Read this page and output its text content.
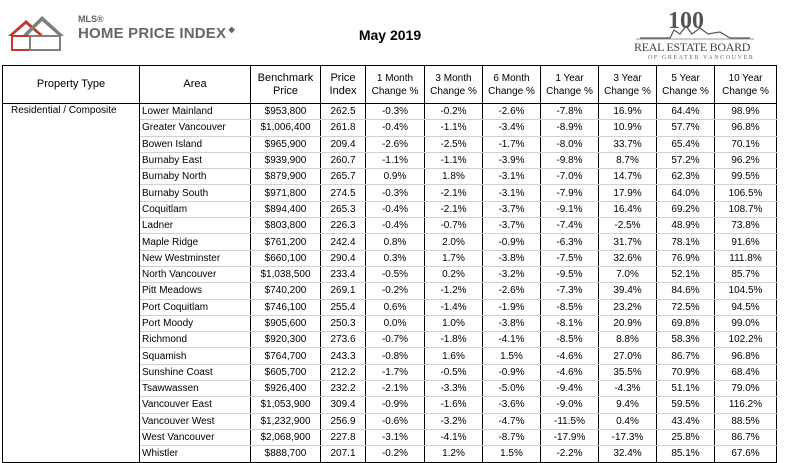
MLS®
HOME PRICE INDEX ◆	May 2019
100
REAL ESTATE BOARD
OF GREATER VANCOUVER
Property Type	Area	Benchmark Price	Price Index	1 Month Change %	3 Month Change %	6 Month Change %	1 Year Change %	3 Year Change %	5 Year Change %	10 Year Change %
Residential / Composite	Lower Mainland	$953,800	262.5	-0.3%	-0.2%	-2.6%	-7.8%	16.9%	64.4%	98.9%
	Greater Vancouver	$1,006,400	261.8	-0.4%	-1.1%	-3.4%	-8.9%	10.9%	57.7%	96.8%
	Bowen Island	$965,900	209.4	-2.6%	-2.5%	-1.7%	-8.0%	33.7%	65.4%	70.1%
	Burnaby East	$939,900	260.7	-1.1%	-1.1%	-3.9%	-9.8%	8.7%	57.2%	96.2%
	Burnaby North	$879,900	265.7	0.9%	1.8%	-3.1%	-7.0%	14.7%	62.3%	99.5%
	Burnaby South	$971,800	274.5	-0.3%	-2.1%	-3.1%	-7.9%	17.9%	64.0%	106.5%
	Coquitlam	$894,400	265.3	-0.4%	-2.1%	-3.7%	-9.1%	16.4%	69.2%	108.7%
	Ladner	$803,800	226.3	-0.4%	-0.7%	-3.7%	-7.4%	-2.5%	48.9%	73.8%
	Maple Ridge	$761,200	242.4	0.8%	2.0%	-0.9%	-6.3%	31.7%	78.1%	91.6%
	New Westminster	$660,100	290.4	0.3%	1.7%	-3.8%	-7.5%	32.6%	76.9%	111.8%
	North Vancouver	$1,038,500	233.4	-0.5%	0.2%	-3.2%	-9.5%	7.0%	52.1%	85.7%
	Pitt Meadows	$740,200	269.1	-0.2%	-1.2%	-2.6%	-7.3%	39.4%	84.6%	104.5%
	Port Coquitlam	$746,100	255.4	0.6%	-1.4%	-1.9%	-8.5%	23.2%	72.5%	94.5%
	Port Moody	$905,600	250.3	0.0%	1.0%	-3.8%	-8.1%	20.9%	69.8%	99.0%
	Richmond	$920,300	273.6	-0.7%	-1.8%	-4.1%	-8.5%	8.8%	58.3%	102.2%
	Squamish	$764,700	243.3	-0.8%	1.6%	1.5%	-4.6%	27.0%	86.7%	96.8%
	Sunshine Coast	$605,700	212.2	-1.7%	-0.5%	-0.9%	-4.6%	35.5%	70.9%	68.4%
	Tsawwassen	$926,400	232.2	-2.1%	-3.3%	-5.0%	-9.4%	-4.3%	51.1%	79.0%
	Vancouver East	$1,053,900	309.4	-0.9%	-1.6%	-3.6%	-9.0%	9.4%	59.5%	116.2%
	Vancouver West	$1,232,900	256.9	-0.6%	-3.2%	-4.7%	-11.5%	0.4%	43.4%	88.5%
	West Vancouver	$2,068,900	227.8	-3.1%	-4.1%	-8.7%	-17.9%	-17.3%	25.8%	86.7%
	Whistler	$888,700	207.1	-0.2%	1.2%	1.5%	-2.2%	32.4%	85.1%	67.6%
